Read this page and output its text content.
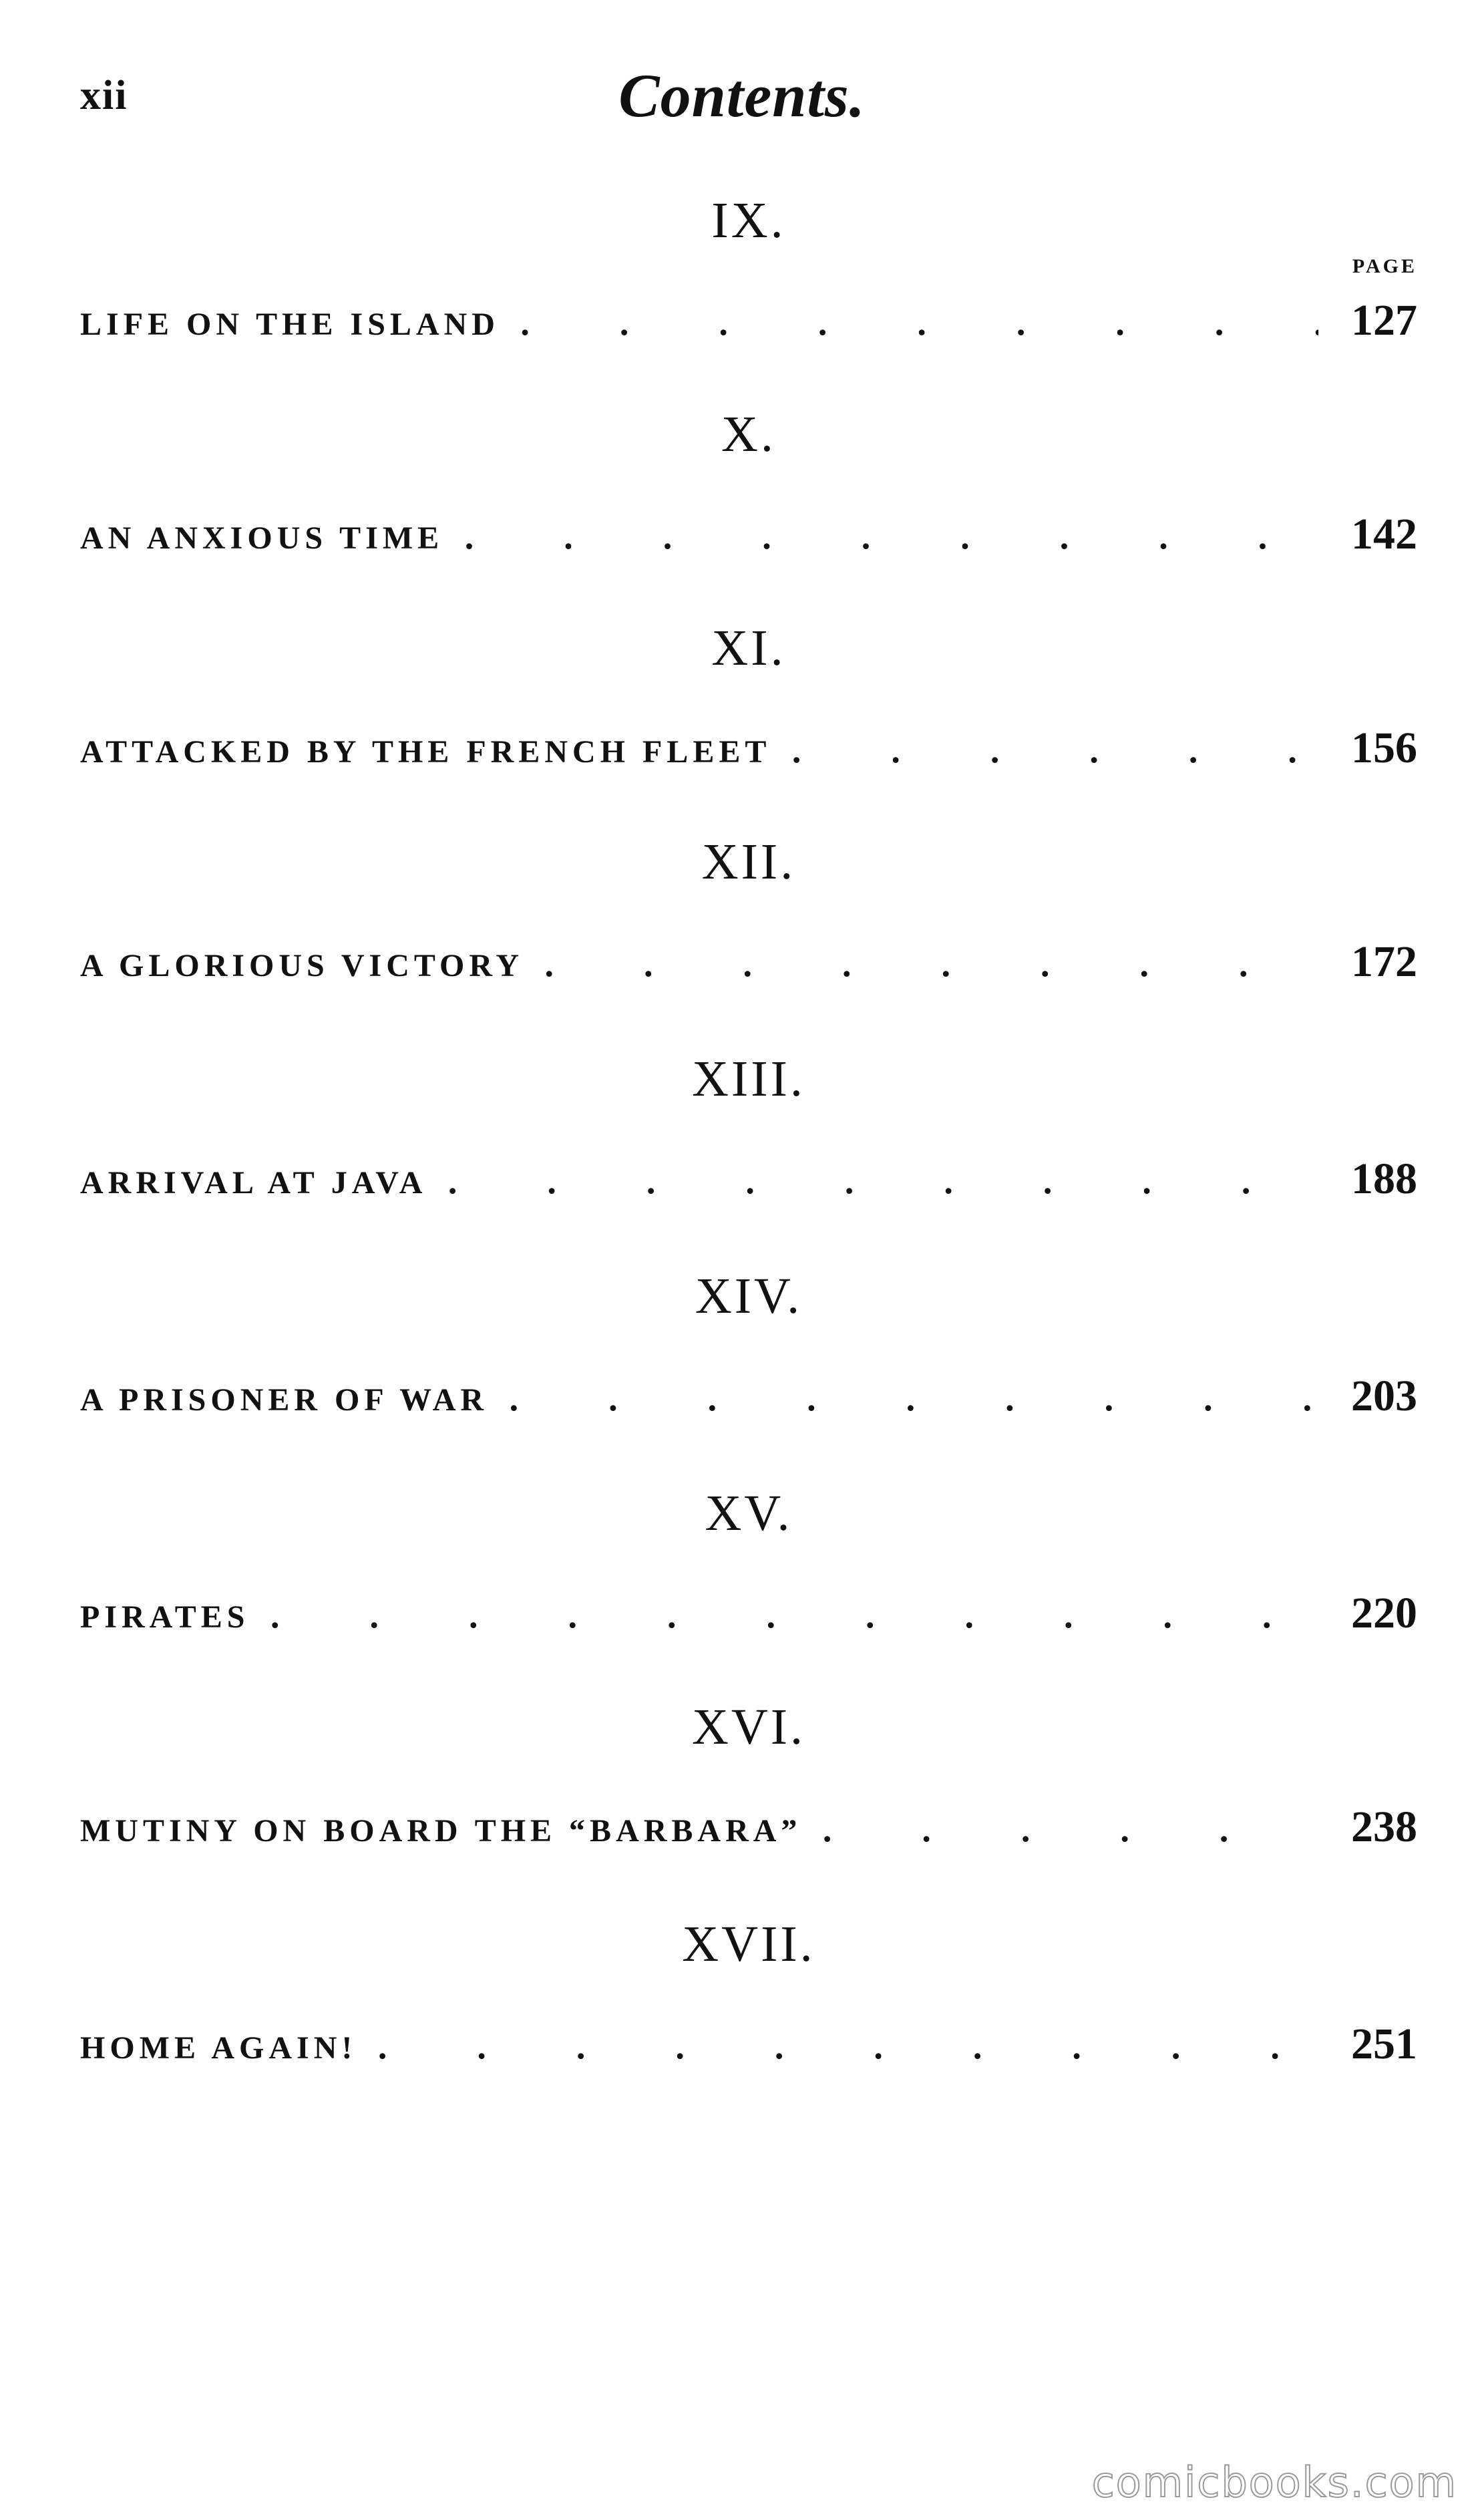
xii	Contents.
PAGE
IX.
LIFE ON THE ISLAND .	127
X.
AN ANXIOUS TIME .	142
XI.
ATTACKED BY THE FRENCH FLEET .	156
XII.
A GLORIOUS VICTORY .	172
XIII.
ARRIVAL AT JAVA .	188
XIV.
A PRISONER OF WAR .	203
XV.
PIRATES .	220
XVI.
MUTINY ON BOARD THE “BARBARA” .	238
XVII.
HOME AGAIN! .	251
comicbooks.com
